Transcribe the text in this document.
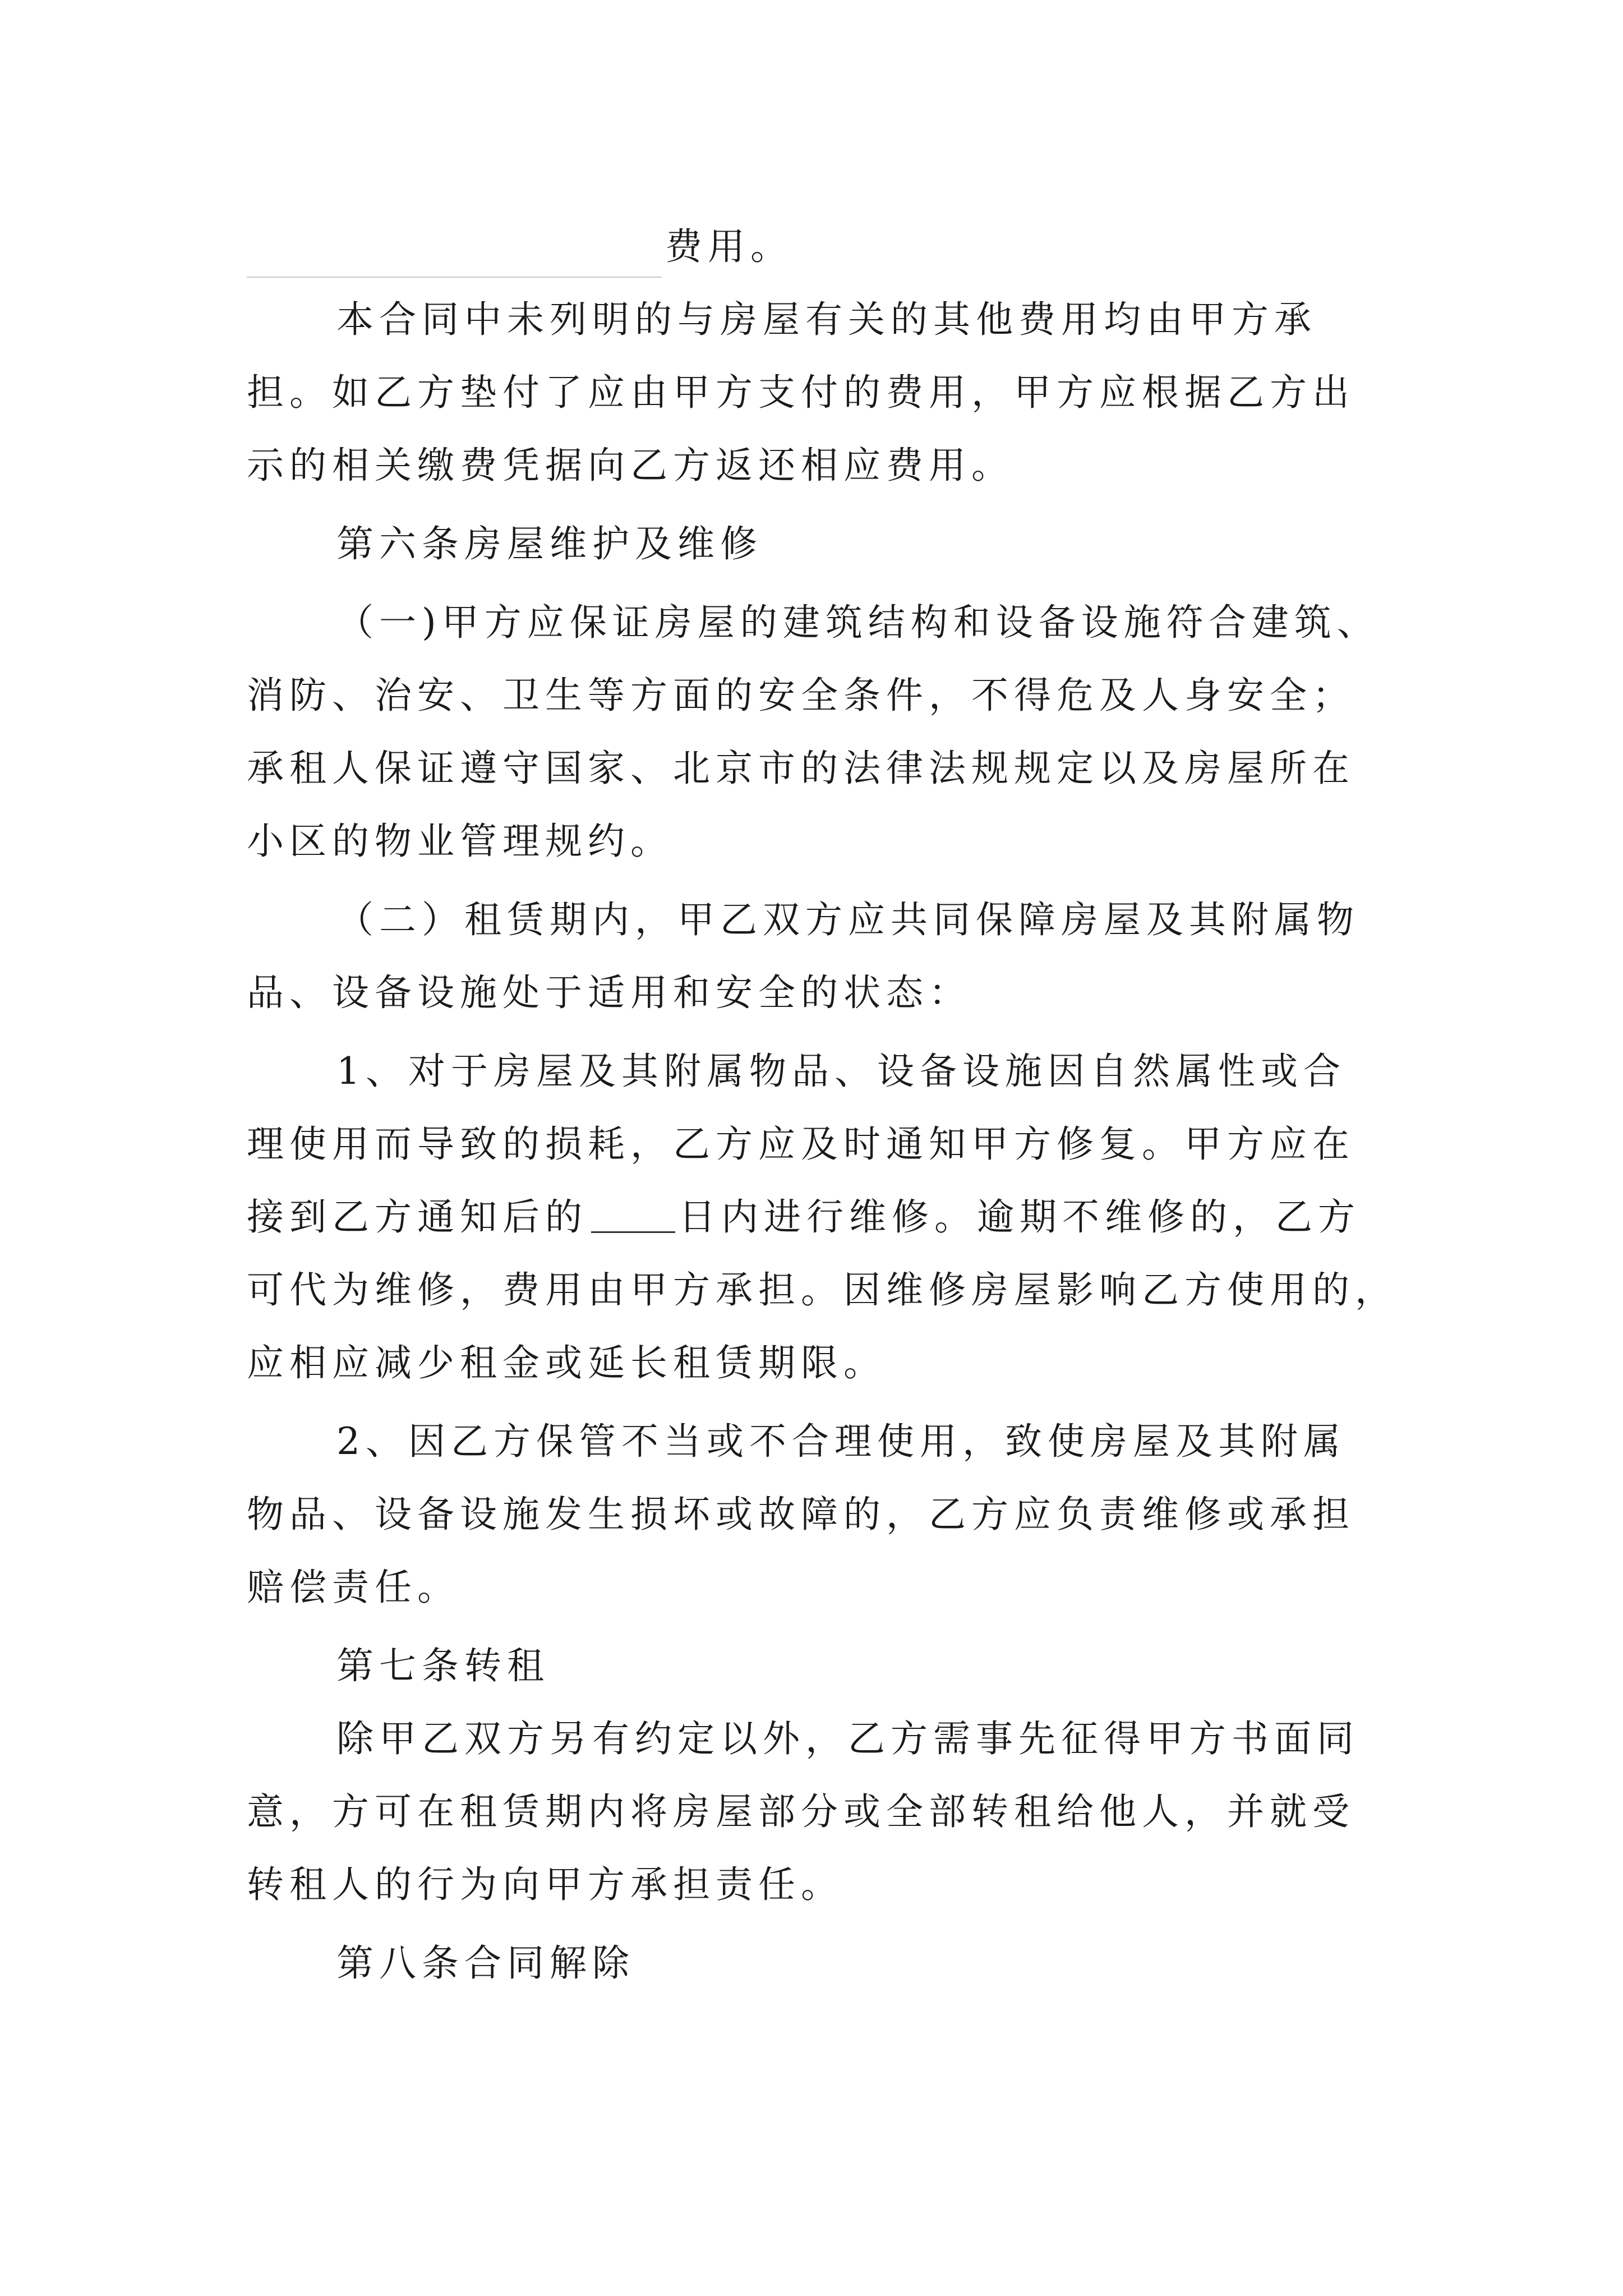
费用。
本合同中未列明的与房屋有关的其他费用均由甲方承
担。如乙方垫付了应由甲方支付的费用，甲方应根据乙方出
示的相关缴费凭据向乙方返还相应费用。
第六条房屋维护及维修
（一)甲方应保证房屋的建筑结构和设备设施符合建筑、
消防、治安、卫生等方面的安全条件，不得危及人身安全；
承租人保证遵守国家、北京市的法律法规规定以及房屋所在
小区的物业管理规约。
（二）租赁期内，甲乙双方应共同保障房屋及其附属物
品、设备设施处于适用和安全的状态：
1、对于房屋及其附属物品、设备设施因自然属性或合
理使用而导致的损耗，乙方应及时通知甲方修复。甲方应在
接到乙方通知后的 日内进行维修。逾期不维修的，乙方
可代为维修，费用由甲方承担。因维修房屋影响乙方使用的，
应相应减少租金或延长租赁期限。
2、因乙方保管不当或不合理使用，致使房屋及其附属
物品、设备设施发生损坏或故障的，乙方应负责维修或承担
赔偿责任。
第七条转租
除甲乙双方另有约定以外，乙方需事先征得甲方书面同
意，方可在租赁期内将房屋部分或全部转租给他人，并就受
转租人的行为向甲方承担责任。
第八条合同解除
